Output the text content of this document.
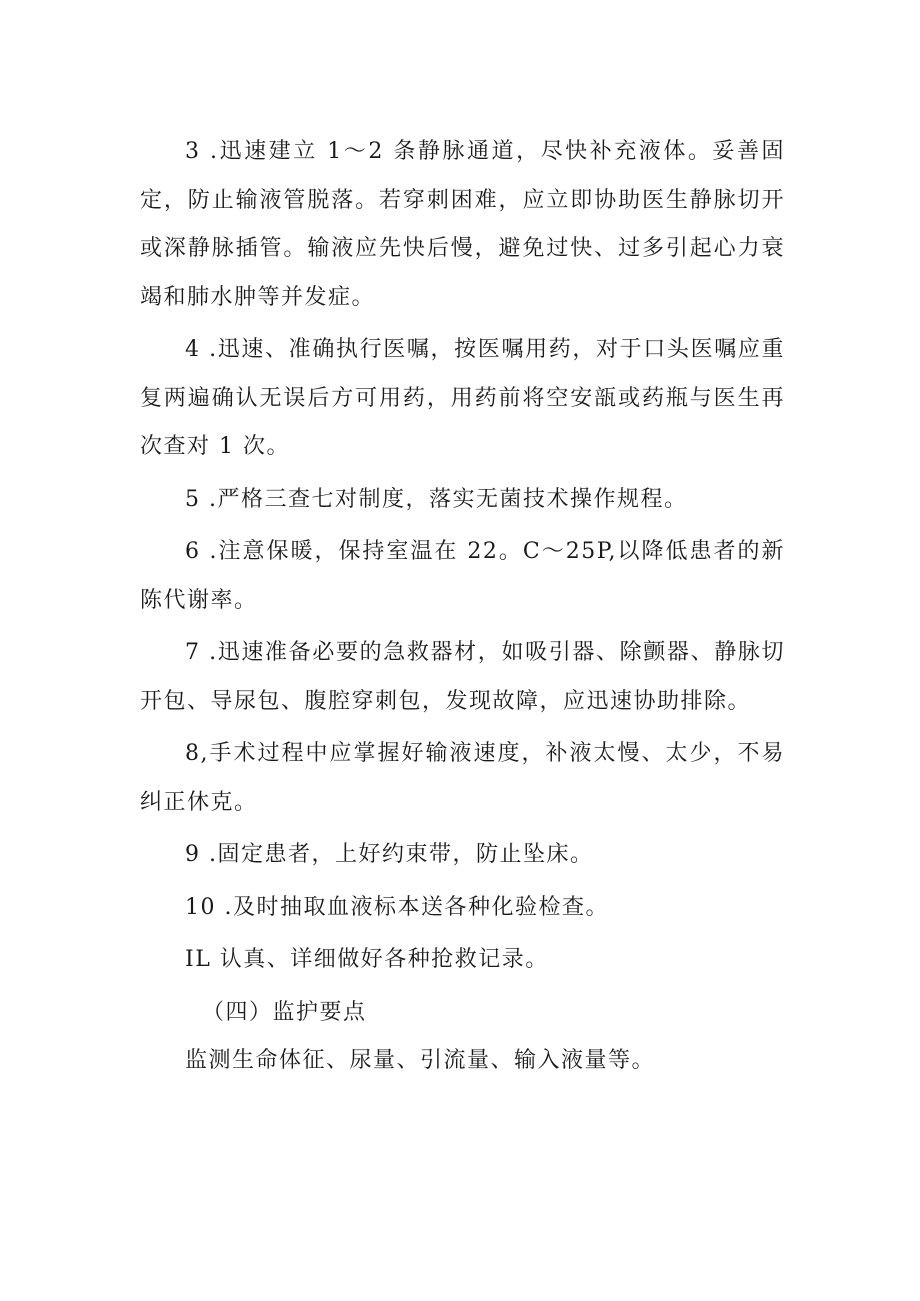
3 .迅速建立 1～2 条静脉通道，尽快补充液体。妥善固定，防止输液管脱落。若穿刺困难，应立即协助医生静脉切开或深静脉插管。输液应先快后慢，避免过快、过多引起心力衰竭和肺水肿等并发症。

4 .迅速、准确执行医嘱，按医嘱用药，对于口头医嘱应重复两遍确认无误后方可用药，用药前将空安瓿或药瓶与医生再次查对 1 次。

5 .严格三查七对制度，落实无菌技术操作规程。

6 .注意保暖，保持室温在 22。C～25P,以降低患者的新陈代谢率。

7 .迅速准备必要的急救器材，如吸引器、除颤器、静脉切开包、导尿包、腹腔穿刺包，发现故障，应迅速协助排除。

8,手术过程中应掌握好输液速度，补液太慢、太少，不易纠正休克。

9 .固定患者，上好约束带，防止坠床。

10 .及时抽取血液标本送各种化验检查。

IL 认真、详细做好各种抢救记录。

（四）监护要点

监测生命体征、尿量、引流量、输入液量等。
